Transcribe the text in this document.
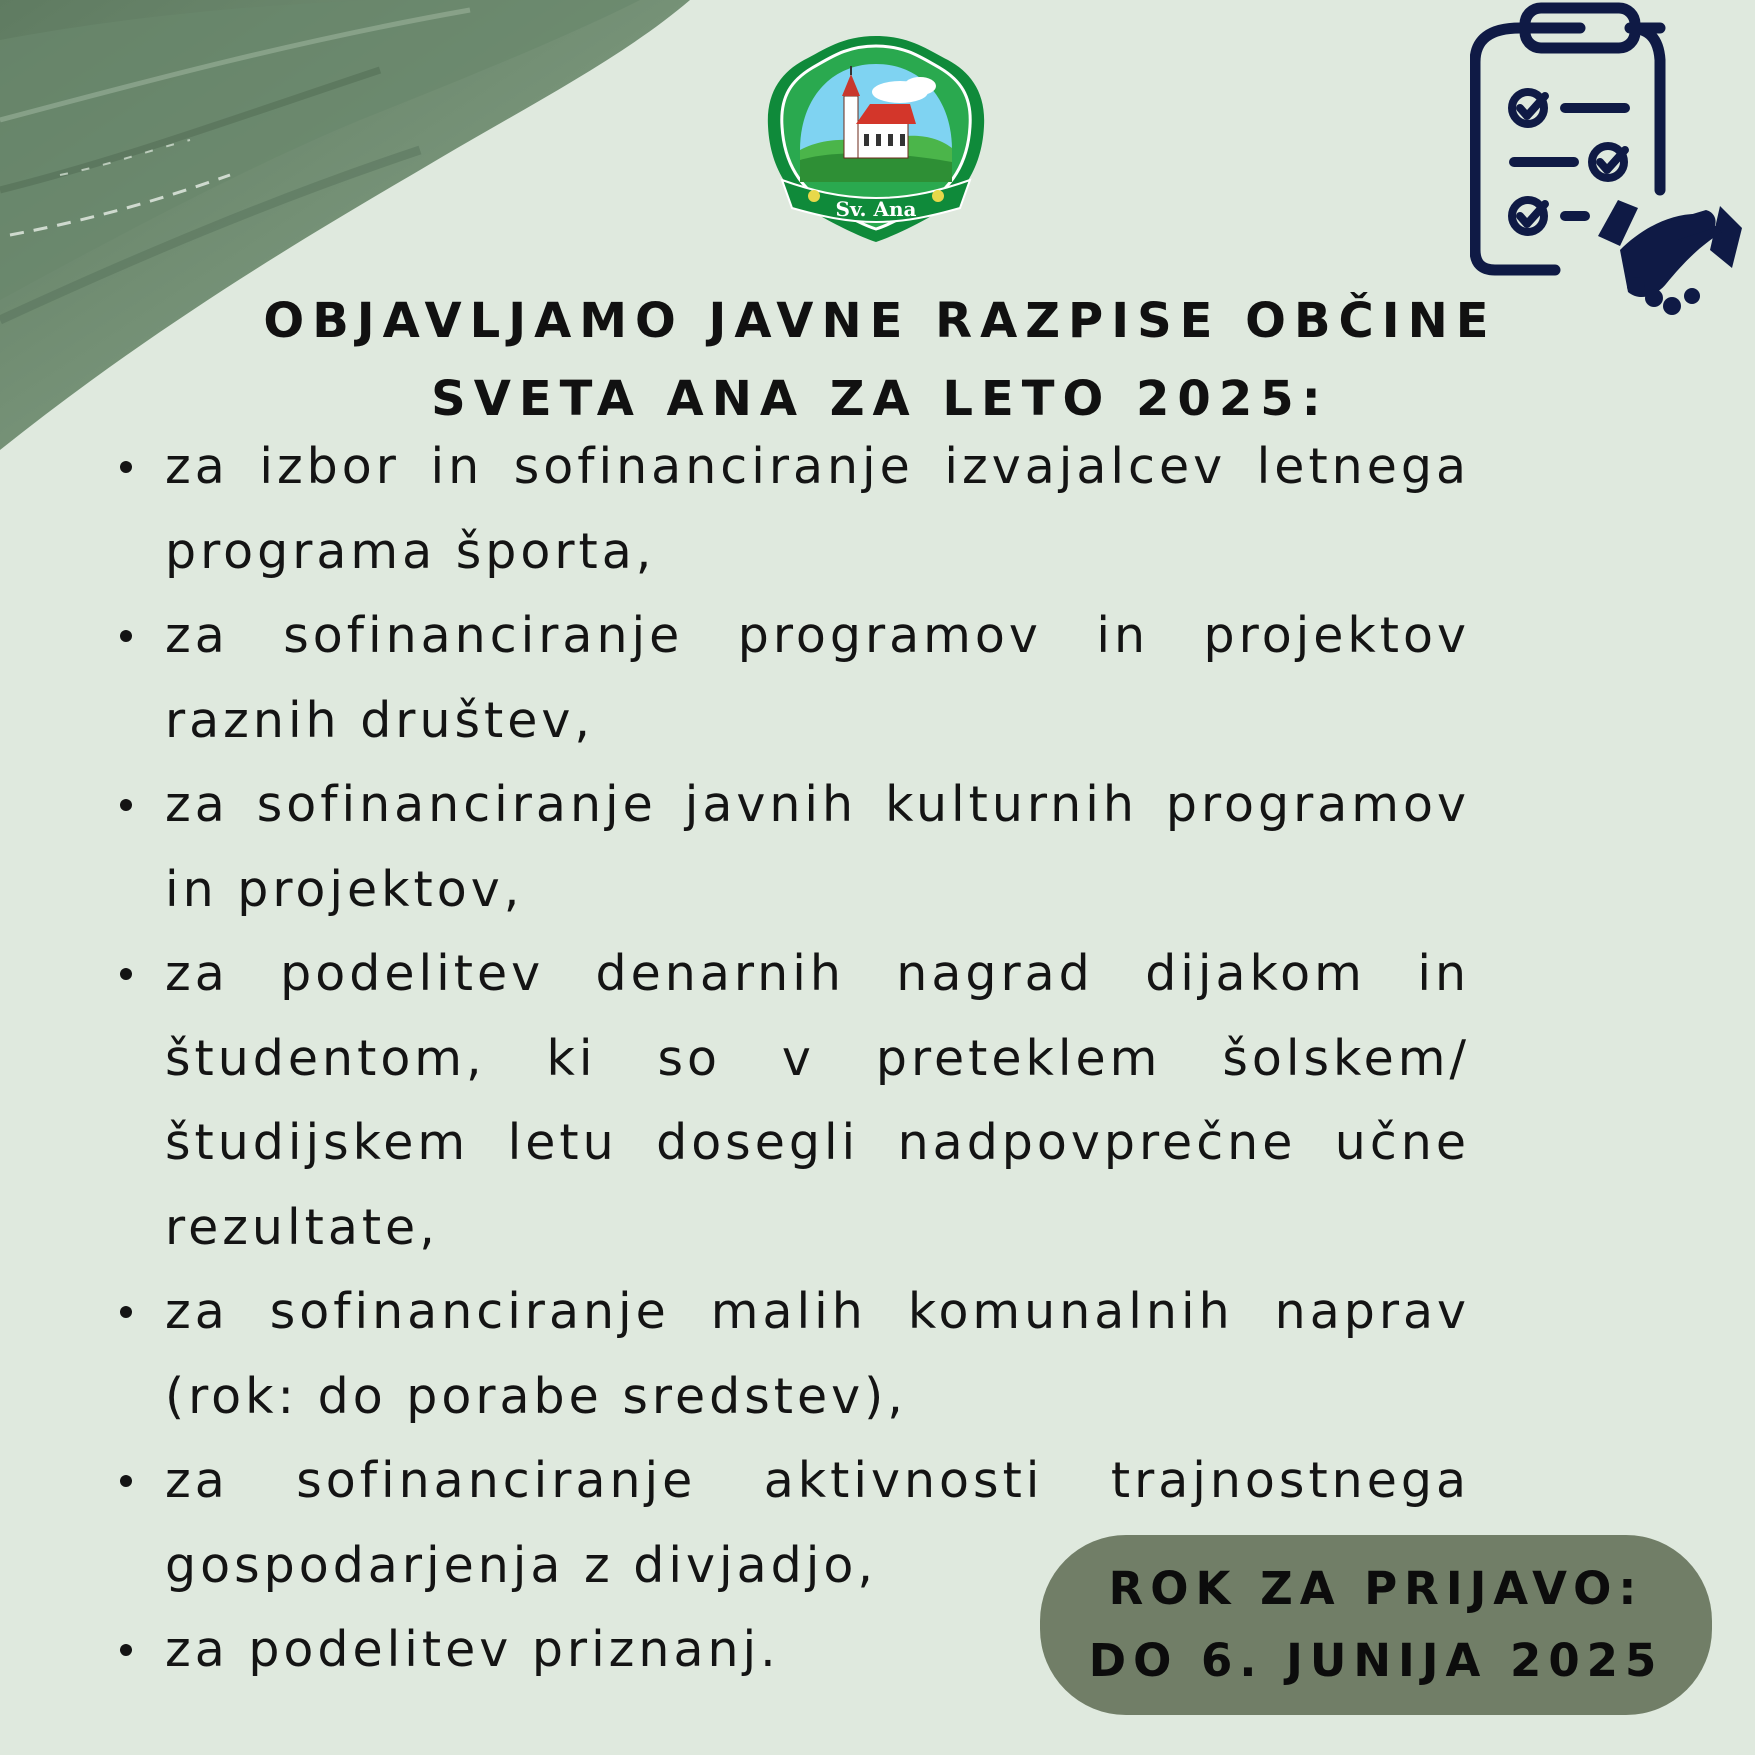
Sv. Ana
OBJAVLJAMO JAVNE RAZPISE OBČINE
SVETA ANA ZA LETO 2025:
za izbor in sofinanciranje izvajalcev letnega programa športa,
za sofinanciranje programov in projektov raznih društev,
za sofinanciranje javnih kulturnih programov in projektov,
za podelitev denarnih nagrad dijakom in študentom, ki so v preteklem šolskem/ študijskem letu dosegli nadpovprečne učne rezultate,
za sofinanciranje malih komunalnih naprav (rok: do porabe sredstev),
za sofinanciranje aktivnosti trajnostnega gospodarjenja z divjadjo,
za podelitev priznanj.
ROK ZA PRIJAVO:
DO 6. JUNIJA 2025
